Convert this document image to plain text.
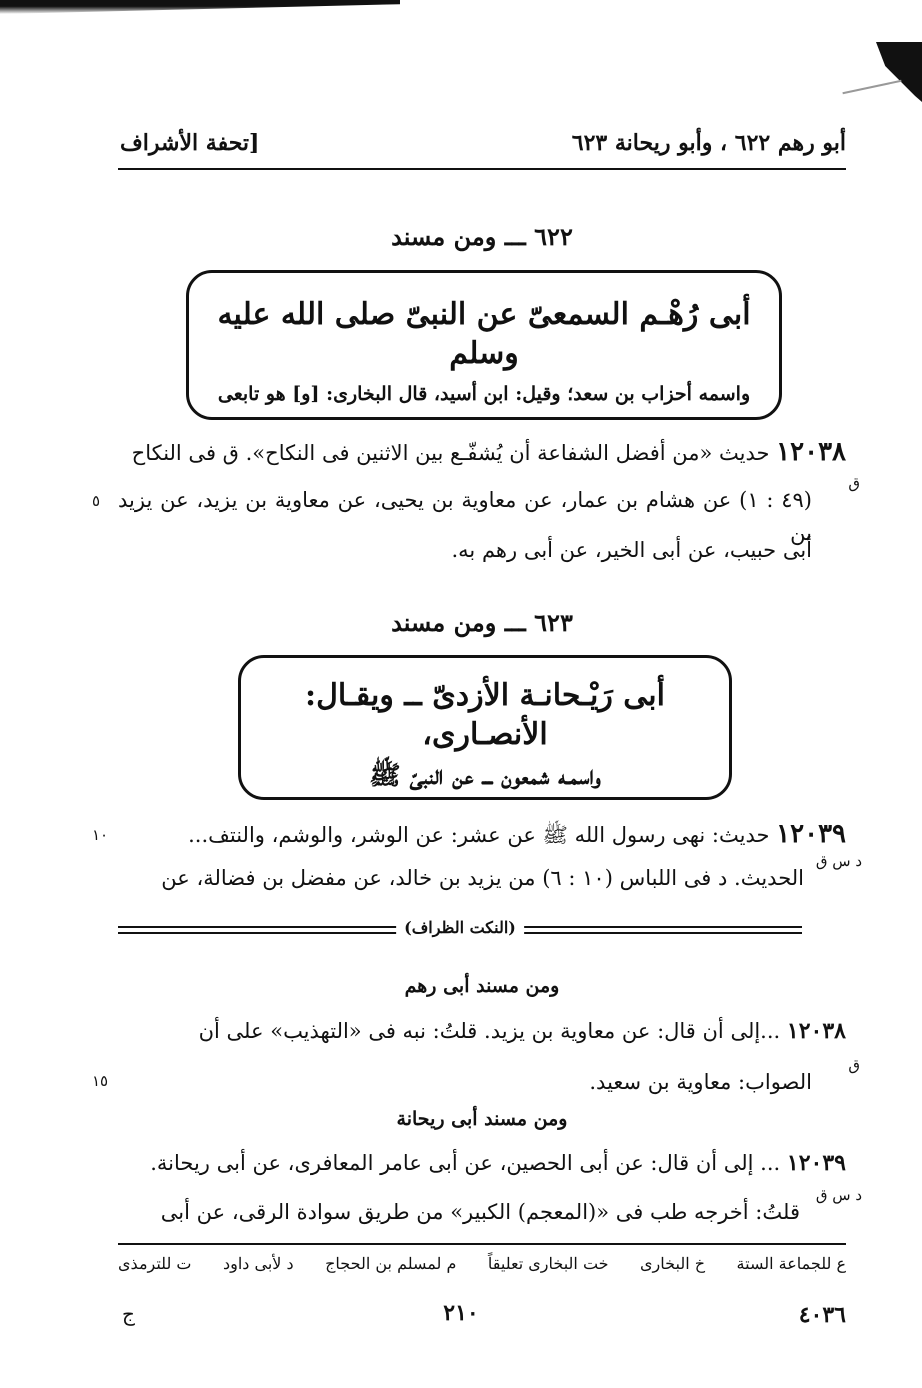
أبو رهم ٦٢٢ ، وأبو ريحانة ٦٢٣
[تحفة الأشراف
٦٢٢ ـــ ومن مسند
أبى رُهْـم السمعىّ عن النبىّ صلى الله عليه وسلم
واسمه أحزاب بن سعد؛ وقيل: ابن أسيد، قال البخارى: [و] هو تابعى
١٢٠٣٨ حديث «من أفضل الشفاعة أن يُشفّـع بين الاثنين فى النكاح». ق فى النكاح
(٤٩ : ١) عن هشام بن عمار، عن معاوية بن يحيى، عن معاوية بن يزيد، عن يزيد بن
أبى حبيب، عن أبى الخير، عن أبى رهم به.
ق
٥
٦٢٣ ـــ ومن مسند
أبى رَيْـحانـة الأزدىّ ــ ويقـال: الأنصـارى،
واسمـه شمعون ـــ عن النبىّ ﷺ
١٢٠٣٩ حديث: نهى رسول الله ﷺ عن عشر: عن الوشر، والوشم، والنتف...
الحديث. د فى اللباس (١٠ : ٦) من يزيد بن خالد، عن مفضل بن فضالة، عن
د س ق
١٠
(النكت الظراف)
ومن مسند أبى رهم
١٢٠٣٨ ...إلى أن قال: عن معاوية بن يزيد. قلتُ: نبه فى «التهذيب» على أن
الصواب: معاوية بن سعيد.
ق
١٥
ومن مسند أبى ريحانة
١٢٠٣٩ ... إلى أن قال: عن أبى الحصين، عن أبى عامر المعافرى، عن أبى ريحانة.
قلتُ: أخرجه طب فى «(المعجم) الكبير» من طريق سوادة الرقى، عن أبى
د س ق
ع للجماعة الستة
خ البخارى
خت البخارى تعليقاً
م لمسلم بن الحجاج
د لأبى داود
ت للترمذى
٤٠٣٦
٢١٠
ج
